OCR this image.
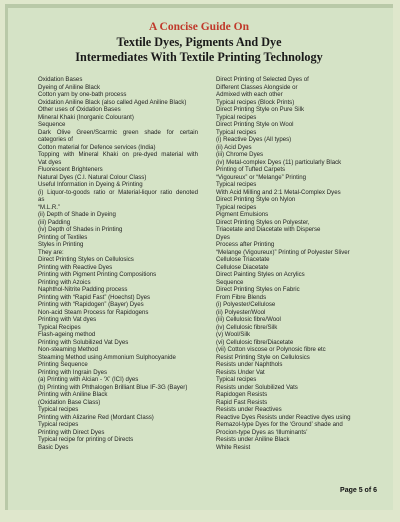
A Concise Guide On
Textile Dyes, Pigments And Dye
Intermediates With Textile Printing Technology
Oxidation Bases
Dyeing of Aniline Black
Cotton yarn by one-bath process
Oxidation Aniline Black (also called Aged Aniline Black)
Other uses of Oxidation Bases
Mineral Khaki (Inorganic Colourant)
Sequence
Dark Olive Green/Scarmic green shade for certain
categories of
Cotton material for Defence services (India)
Topping with Mineral Khaki on pre-dyed material with
Vat dyes
Fluorescent Brighteners
Natural Dyes (C.I. Natural Colour Class)
Useful Information in Dyeing & Printing
(i) Liquor-to-goods ratio or Material-liquor ratio denoted
as
“M.L.R.”
(ii) Depth of Shade in Dyeing
(iii) Padding
(iv) Depth of Shades in Printing
Printing of Textiles
Styles in Printing
They are:
Direct Printing Styles on Cellulosics
Printing with Reactive Dyes
Printing with Pigment Printing Compositions
Printing with Azoics
Naphthol-Nitrite Padding process
Printing with “Rapid Fast” (Hoechst) Dyes
Printing with “Rapidogen” (Bayer) Dyes
Non-acid Steam Process for Rapidogens
Printing with Vat dyes
Typical Recipes
Flash-ageing method
Printing with Solubilized Vat Dyes
Non-steaming Method
Steaming Method using Ammonium Sulphocyanide
Printing Sequence
Printing with Ingrain Dyes
(a) Printing with Alcian - ‘X’ (ICI) dyes
(b) Printing with Phthalogen Brilliant Blue IF-3G (Bayer)
Printing with Aniline Black
(Oxidation Base Class)
Typical recipes
Printing with Alizarine Red (Mordant Class)
Typical recipes
Printing with Direct Dyes
Typical recipe for printing of Directs
Basic Dyes
Direct Printing of Selected Dyes of
Different Classes Alongside or
Admixed with each other
Typical recipes (Block Prints)
Direct Printing Style on Pure Silk
Typical recipes
Direct Printing Style on Wool
Typical recipes
(i) Reactive Dyes (All types)
(ii) Acid Dyes
(iii) Chrome Dyes
(iv) Metal-complex Dyes (11) particularly Black
Printing of Tufted Carpets
“Vigoureux” or “Melange” Printing
Typical recipes
With Acid Milling and 2:1 Metal-Complex Dyes
Direct Printing Style on Nylon
Typical recipes
Pigment Emulsions
Direct Printing Styles on Polyester,
Triacetate and Diacetate with Disperse
Dyes
Process after Printing
“Melange (Vigoureux)” Printing of Polyester Sliver
Cellulose Triacetate
Cellulose Diacetate
Direct Painting Styles on Acrylics
Sequence
Direct Printing Styles on Fabric
From Fibre Blends
(i) Polyester/Cellulose
(ii) Polyester/Wool
(iii) Cellulosic fibre/Wool
(iv) Cellulosic fibre/Silk
(v) Wool/Silk
(vi) Cellulosic fibre/Diacetate
(vii) Cotton viscose or Polynosic fibre etc
Resist Printing Style on Cellulosics
Resists under Naphthols
Resists Under Vat
Typical recipes
Resists under Solubilized Vats
Rapidogen Resists
Rapid Fast Resists
Resists under Reactives
Reactive Dyes Resists under Reactive dyes using
Remazol-type Dyes for the ‘Ground’ shade and
Procion-type Dyes as ‘Illuminants’
Resists under Aniline Black
White Resist
Page 5 of 6
